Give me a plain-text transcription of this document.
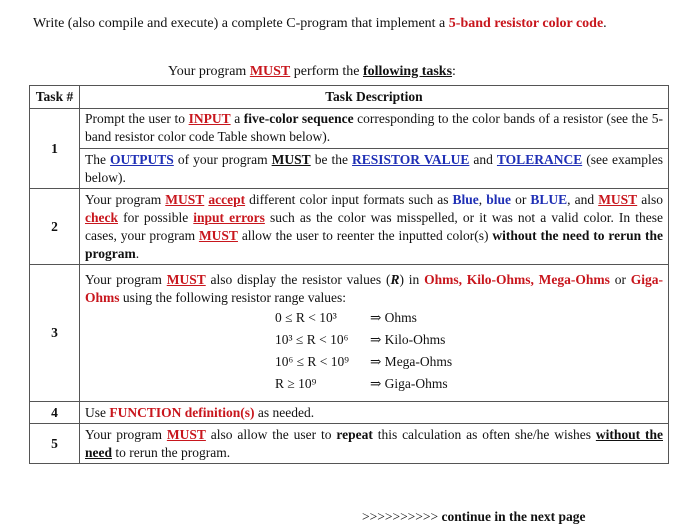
Write (also compile and execute) a complete C-program that implement a 5-band resistor color code.
Your program MUST perform the following tasks:
Task #	Task Description
1	Prompt the user to INPUT a five-color sequence corresponding to the color bands of a resistor (see the 5-band resistor color code Table shown below).

The OUTPUTS of your program MUST be the RESISTOR VALUE and TOLERANCE (see examples below).

2	Your program MUST accept different color input formats such as Blue, blue or BLUE, and MUST also check for possible input errors such as the color was misspelled, or it was not a valid color. In these cases, your program MUST allow the user to reenter the inputted color(s) without the need to rerun the program.
3	Your program MUST also display the resistor values (R) in Ohms, Kilo-Ohms, Mega-Ohms or Giga-Ohms using the following resistor range values:

0 ≤ R < 10³ ⇒ Ohms
10³ ≤ R < 10⁶ ⇒ Kilo-Ohms
10⁶ ≤ R < 10⁹ ⇒ Mega-Ohms
R ≥ 10⁹ ⇒ Giga-Ohms

4	Use FUNCTION definition(s) as needed.
5	Your program MUST also allow the user to repeat this calculation as often she/he wishes without the need to rerun the program.
>>>>>>>>>> continue in the next page
